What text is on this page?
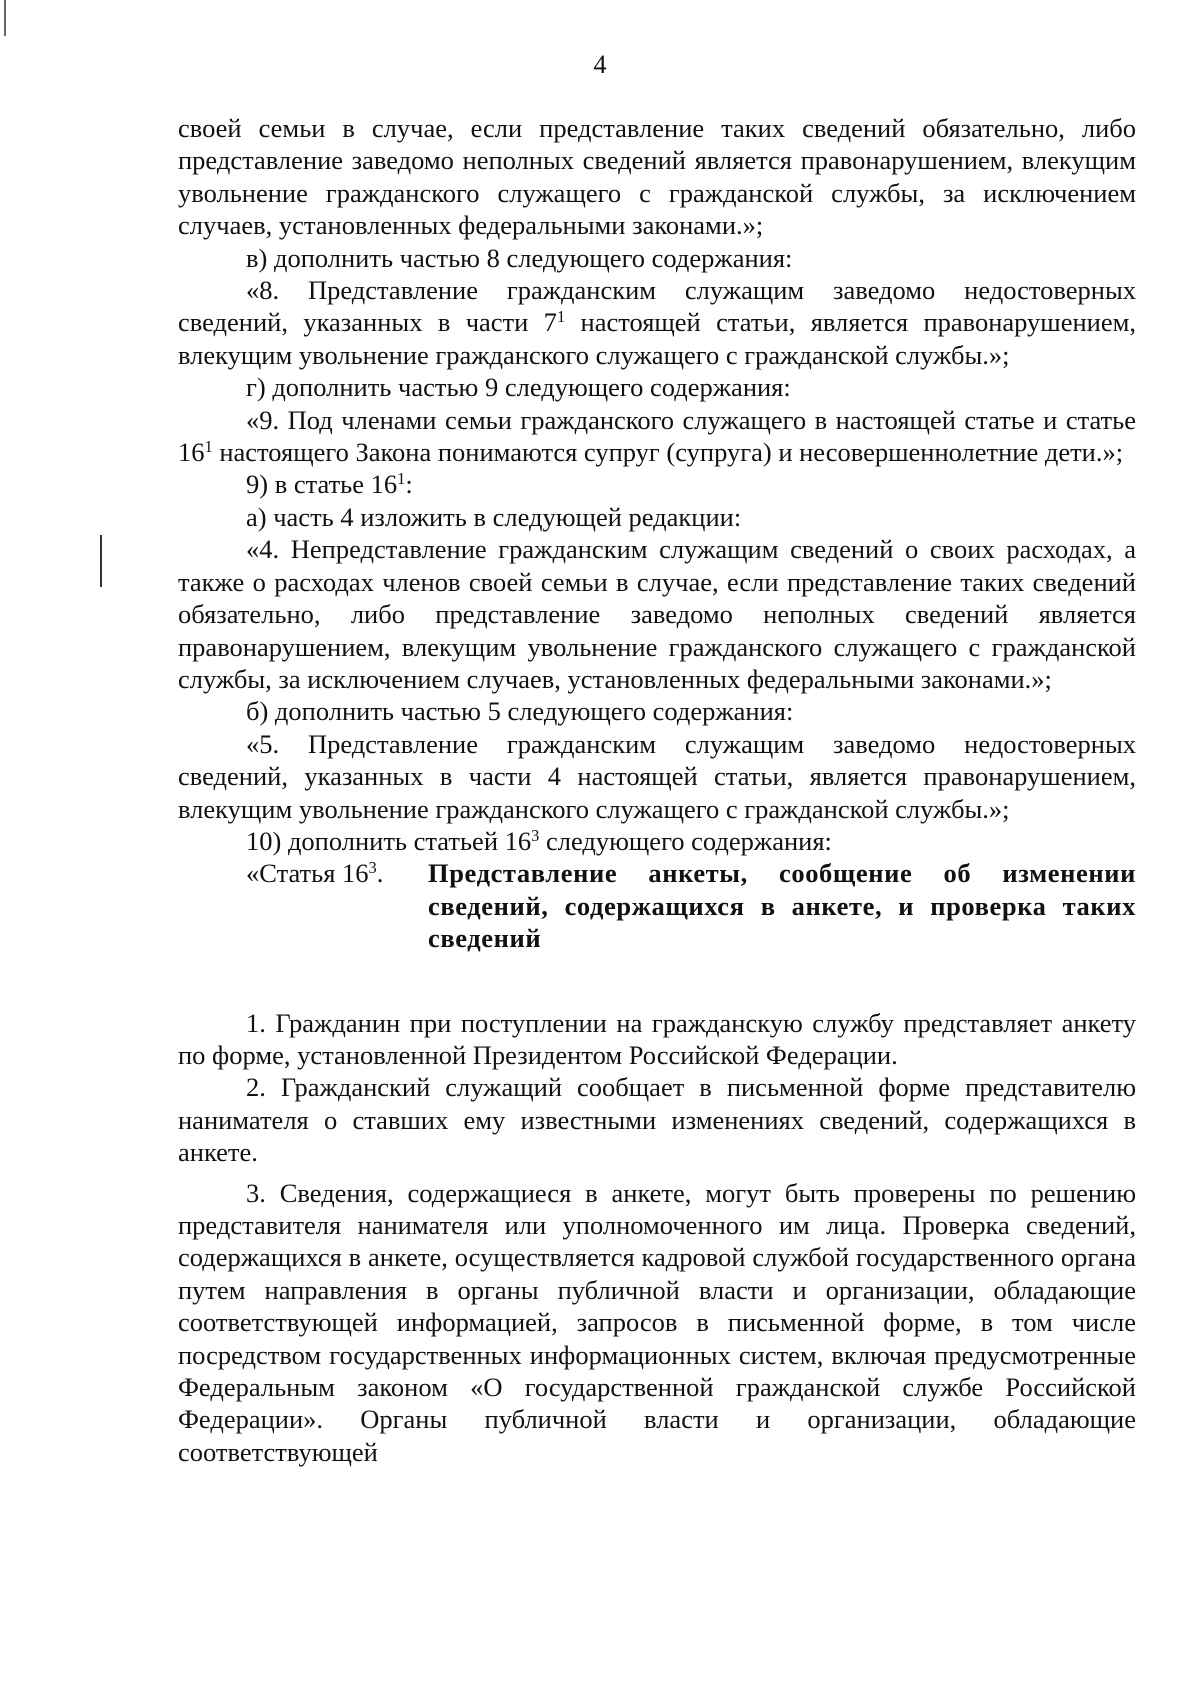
4

своей семьи в случае, если представление таких сведений обязательно, либо представление заведомо неполных сведений является правонарушением, влекущим увольнение гражданского служащего с гражданской службы, за исключением случаев, установленных федеральными законами.»;

в) дополнить частью 8 следующего содержания:

«8. Представление гражданским служащим заведомо недостоверных сведений, указанных в части $7^1$ настоящей статьи, является правонарушением, влекущим увольнение гражданского служащего с гражданской службы.»;

г) дополнить частью 9 следующего содержания:

«9. Под членами семьи гражданского служащего в настоящей статье и статье $16^1$ настоящего Закона понимаются супруг (супруга) и несовершеннолетние дети.»;

9) в статье $16^1$:

а) часть 4 изложить в следующей редакции:

«4. Непредставление гражданским служащим сведений о своих расходах, а также о расходах членов своей семьи в случае, если представление таких сведений обязательно, либо представление заведомо неполных сведений является правонарушением, влекущим увольнение гражданского служащего с гражданской службы, за исключением случаев, установленных федеральными законами.»;

б) дополнить частью 5 следующего содержания:

«5. Представление гражданским служащим заведомо недостоверных сведений, указанных в части 4 настоящей статьи, является правонарушением, влекущим увольнение гражданского служащего с гражданской службы.»;

10) дополнить статьей $16^3$ следующего содержания:

«Статья $16^3$.	Представление анкеты, сообщение об изменении сведений, содержащихся в анкете, и проверка таких сведений

1. Гражданин при поступлении на гражданскую службу представляет анкету по форме, установленной Президентом Российской Федерации.

2. Гражданский служащий сообщает в письменной форме представителю нанимателя о ставших ему известными изменениях сведений, содержащихся в анкете.

3. Сведения, содержащиеся в анкете, могут быть проверены по решению представителя нанимателя или уполномоченного им лица. Проверка сведений, содержащихся в анкете, осуществляется кадровой службой государственного органа путем направления в органы публичной власти и организации, обладающие соответствующей информацией, запросов в письменной форме, в том числе посредством государственных информационных систем, включая предусмотренные Федеральным законом «О государственной гражданской службе Российской Федерации». Органы публичной власти и организации, обладающие соответствующей
